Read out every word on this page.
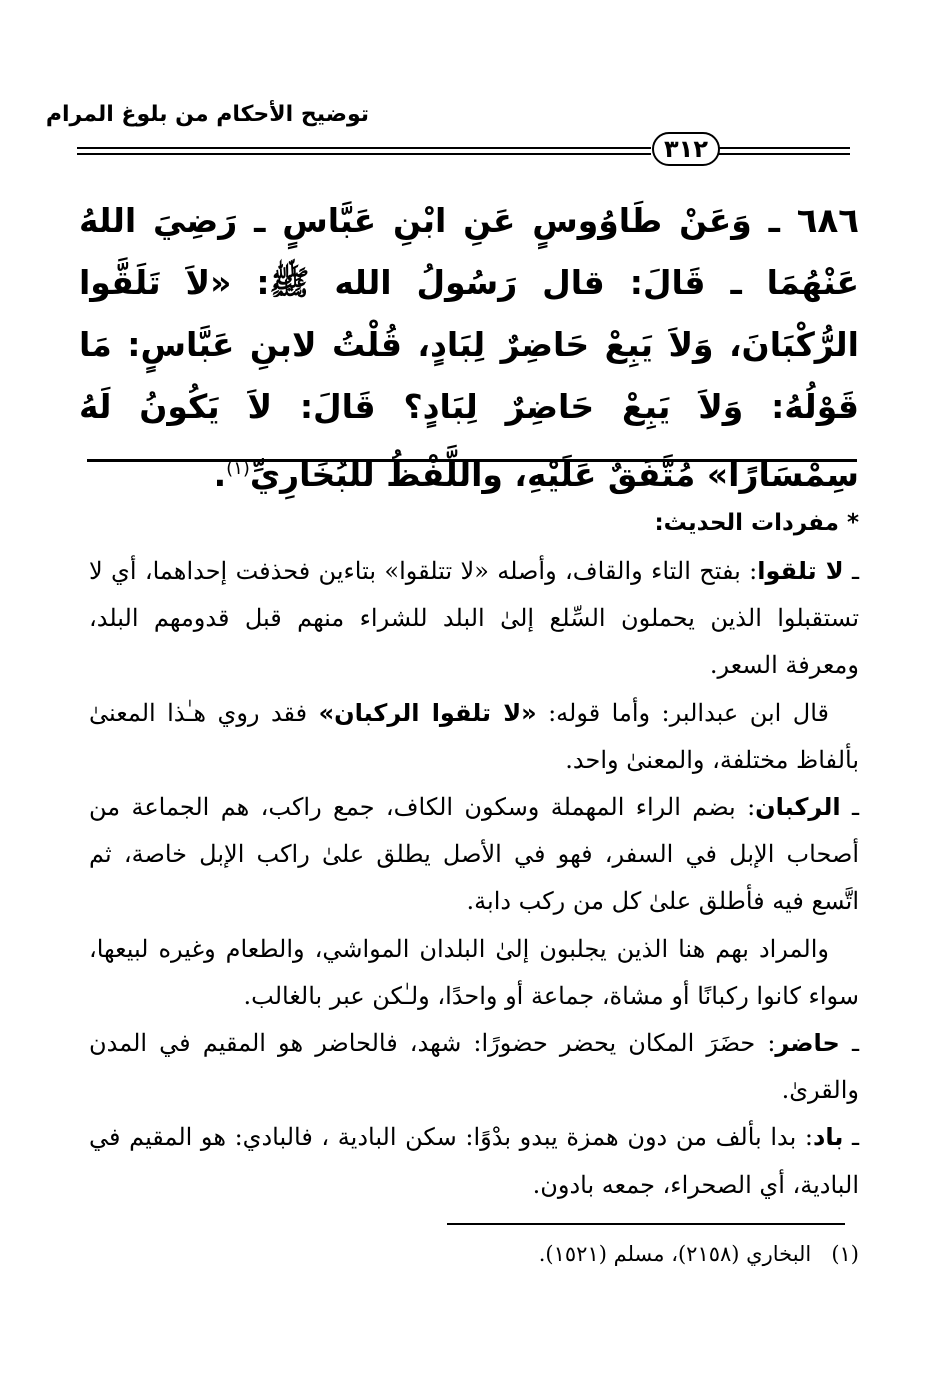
توضيح الأحكام من بلوغ المرام
٣١٢
٦٨٦ ـ وَعَنْ طَاوُوسٍ عَنِ ابْنِ عَبَّاسٍ ـ رَضِيَ اللهُ عَنْهُمَا ـ قَالَ: قال رَسُولُ الله ﷺ: «لاَ تَلَقَّوا الرُّكْبَانَ، وَلاَ يَبِعْ حَاضِرٌ لِبَادٍ، قُلْتُ لابنِ عَبَّاسٍ: مَا قَوْلُهُ: وَلاَ يَبِعْ حَاضِرٌ لِبَادٍ؟ قَالَ: لاَ يَكُونُ لَهُ سِمْسَارًا» مُتَّفَقٌ عَلَيْهِ، واللَّفْظُ للبُخَارِيِّ$^{(١)}$.
* مفردات الحديث:

ـ لا تلقوا: بفتح التاء والقاف، وأصله «لا تتلقوا» بتاءين فحذفت إحداهما، أي لا تستقبلوا الذين يحملون السِّلع إلىٰ البلد للشراء منهم قبل قدومهم البلد، ومعرفة السعر.

قال ابن عبدالبر: وأما قوله: «لا تلقوا الركبان» فقد روي هـٰذا المعنىٰ بألفاظ مختلفة، والمعنىٰ واحد.

ـ الركبان: بضم الراء المهملة وسكون الكاف، جمع راكب، هم الجماعة من أصحاب الإبل في السفر، فهو في الأصل يطلق علىٰ راكب الإبل خاصة، ثم اتَّسع فيه فأطلق علىٰ كل من ركب دابة.

والمراد بهم هنا الذين يجلبون إلىٰ البلدان المواشي، والطعام وغيره لبيعها، سواء كانوا ركبانًا أو مشاة، جماعة أو واحدًا، ولـٰكن عبر بالغالب.

ـ حاضر: حضَرَ المكان يحضر حضورًا: شهد، فالحاضر هو المقيم في المدن والقرىٰ.

ـ باد: بدا بألف من دون همزة يبدو بدْوًا: سكن البادية ، فالبادي: هو المقيم في البادية، أي الصحراء، جمعه بادون.

(١)   البخاري (٢١٥٨)، مسلم (١٥٢١).
